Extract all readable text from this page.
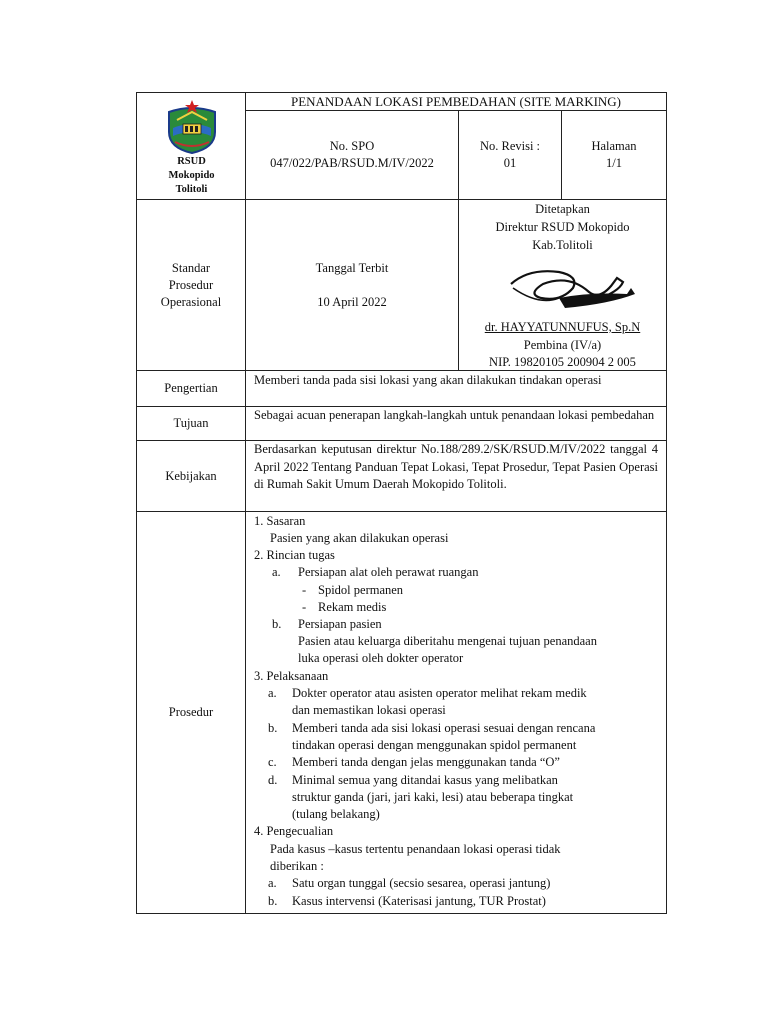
RSUD
Mokopido
Tolitoli
PENANDAAN LOKASI PEMBEDAHAN (SITE MARKING)
No. SPO
047/022/PAB/RSUD.M/IV/2022
No. Revisi :
01
Halaman
1/1
Standar
Prosedur
Operasional
Tanggal Terbit
10 April 2022
Ditetapkan
Direktur RSUD Mokopido
Kab.Tolitoli
dr. HAYYATUNNUFUS, Sp.N
Pembina (IV/a)
NIP. 19820105 200904 2 005
Pengertian
Memberi tanda pada sisi lokasi yang akan dilakukan tindakan operasi
Tujuan
Sebagai acuan penerapan langkah-langkah untuk penandaan lokasi pembedahan
Kebijakan
Berdasarkan keputusan direktur No.188/289.2/SK/RSUD.M/IV/2022 tanggal 4 April 2022 Tentang Panduan Tepat Lokasi, Tepat Prosedur, Tepat Pasien Operasi di Rumah Sakit Umum Daerah Mokopido Tolitoli.
Prosedur
1. Sasaran
Pasien yang akan dilakukan operasi
2. Rincian tugas
a. Persiapan alat oleh perawat ruangan
- Spidol permanen
- Rekam medis
b. Persiapan pasien
Pasien atau keluarga diberitahu mengenai tujuan penandaan
luka operasi oleh dokter operator
3. Pelaksanaan
a. Dokter operator atau asisten operator melihat rekam medik
dan memastikan lokasi operasi
b. Memberi tanda ada sisi lokasi operasi sesuai dengan rencana
tindakan operasi dengan menggunakan spidol permanent
c. Memberi tanda dengan jelas menggunakan tanda “O”
d. Minimal semua yang ditandai kasus yang melibatkan
struktur ganda (jari, jari kaki, lesi) atau beberapa tingkat
(tulang belakang)
4. Pengecualian
Pada kasus –kasus tertentu penandaan lokasi operasi tidak
diberikan :
a. Satu organ tunggal (secsio sesarea, operasi jantung)
b. Kasus intervensi (Katerisasi jantung, TUR Prostat)
